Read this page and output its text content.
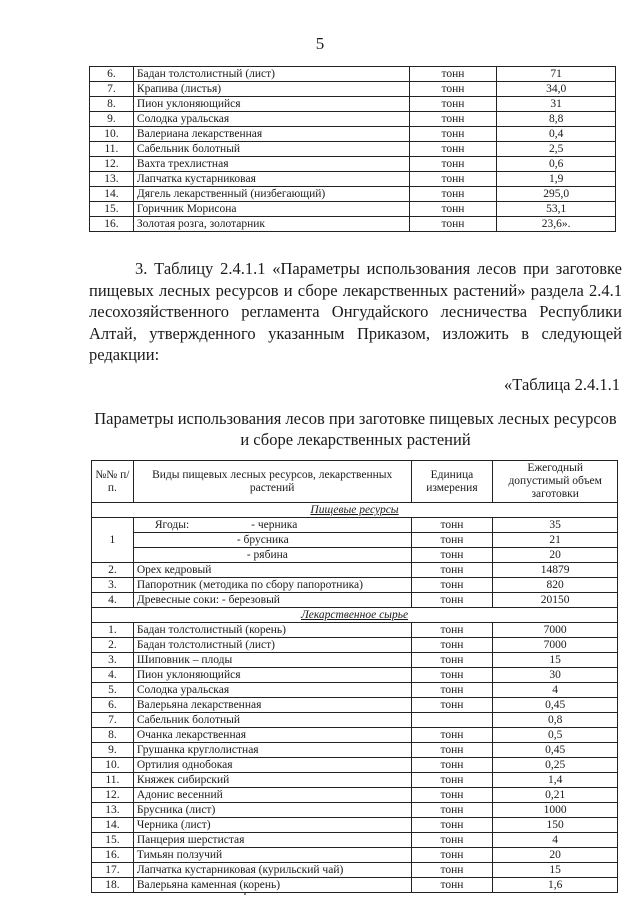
5
6.	Бадан толстолистный (лист)	тонн	71
7.	Крапива (листья)	тонн	34,0
8.	Пион уклоняющийся	тонн	31
9.	Солодка уральская	тонн	8,8
10.	Валериана лекарственная	тонн	0,4
11.	Сабельник болотный	тонн	2,5
12.	Вахта трехлистная	тонн	0,6
13.	Лапчатка кустарниковая	тонн	1,9
14.	Дягель лекарственный (низбегающий)	тонн	295,0
15.	Горичник Морисона	тонн	53,1
16.	Золотая розга, золотарник	тонн	23,6».
3. Таблицу 2.4.1.1 «Параметры использования лесов при заготовке пищевых лесных ресурсов и сборе лекарственных растений» раздела 2.4.1 лесохозяйственного регламента Онгудайского лесничества Республики Алтай, утвержденного указанным Приказом, изложить в следующей редакции:
«Таблица 2.4.1.1
Параметры использования лесов при заготовке пищевых лесных ресурсов и сборе лекарственных растений
№№ п/п.	Виды пищевых лесных ресурсов, лекарственных растений	Единица измерения	Ежегодный допустимый объем заготовки
Пищевые ресурсы			
1	Ягоды: - черника	тонн	35
	- брусника	тонн	21
	- рябина	тонн	20
2.	Орех кедровый	тонн	14879
3.	Папоротник (методика по сбору папоротника)	тонн	820
4.	Древесные соки: - березовый	тонн	20150
Лекарственное сырье			
1.	Бадан толстолистный (корень)	тонн	7000
2.	Бадан толстолистный (лист)	тонн	7000
3.	Шиповник – плоды	тонн	15
4.	Пион уклоняющийся	тонн	30
5.	Солодка уральская	тонн	4
6.	Валерьяна лекарственная	тонн	0,45
7.	Сабельник болотный		0,8
8.	Очанка лекарственная	тонн	0,5
9.	Грушанка круглолистная	тонн	0,45
10.	Ортилия однобокая	тонн	0,25
11.	Княжек сибирский	тонн	1,4
12.	Адонис весенний	тонн	0,21
13.	Брусника (лист)	тонн	1000
14.	Черника (лист)	тонн	150
15.	Панцерия шерстистая	тонн	4
16.	Тимьян ползучий	тонн	20
17.	Лапчатка кустарниковая (курильский чай)	тонн	15
18.	Валерьяна каменная (корень)	тонн	1,6
